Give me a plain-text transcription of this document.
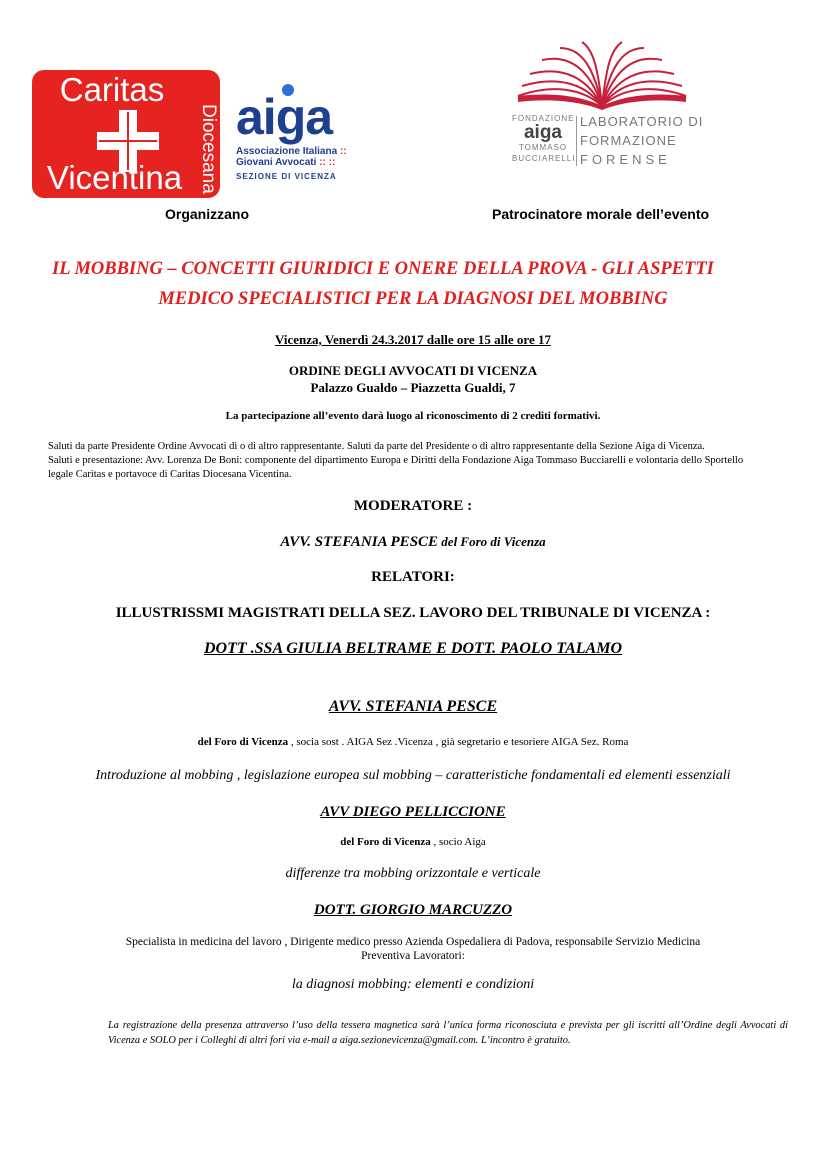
Caritas
Diocesana
Vicentina
aiga
Associazione Italiana ::
Giovani Avvocati :: ::
SEZIONE DI VICENZA
FONDAZIONE
aiga
TOMMASO
BUCCIARELLI
LABORATORIO DI
FORMAZIONE
FORENSE
Organizzano	Patrocinatore morale dell’evento
IL MOBBING – CONCETTI GIURIDICI E ONERE DELLA PROVA - GLI ASPETTI
MEDICO SPECIALISTICI PER LA DIAGNOSI DEL MOBBING
Vicenza, Venerdì 24.3.2017 dalle ore 15 alle ore 17
ORDINE DEGLI AVVOCATI DI VICENZA
Palazzo Gualdo – Piazzetta Gualdi, 7
La partecipazione all’evento darà luogo al riconoscimento di 2 crediti formativi.
Saluti da parte Presidente Ordine Avvocati di o di altro rappresentante. Saluti da parte del Presidente o di altro rappresentante della Sezione Aiga di Vicenza.
Saluti e presentazione: Avv. Lorenza De Boni: componente del dipartimento Europa e Diritti della Fondazione Aiga Tommaso Bucciarelli e volontaria dello Sportello
legale Caritas e portavoce di Caritas Diocesana Vicentina.
MODERATORE :
AVV. STEFANIA PESCE del Foro di Vicenza
RELATORI:
ILLUSTRISSMI MAGISTRATI DELLA SEZ. LAVORO DEL TRIBUNALE DI VICENZA :
DOTT .SSA GIULIA BELTRAME E DOTT. PAOLO TALAMO
AVV. STEFANIA PESCE
del Foro di Vicenza , socia sost . AIGA Sez .Vicenza , già segretario e tesoriere AIGA Sez. Roma
Introduzione al mobbing , legislazione europea sul mobbing – caratteristiche fondamentali ed elementi essenziali
AVV DIEGO PELLICCIONE
del Foro di Vicenza , socio Aiga
differenze tra mobbing orizzontale e verticale
DOTT. GIORGIO MARCUZZO
Specialista in medicina del lavoro , Dirigente medico presso Azienda Ospedaliera di Padova, responsabile Servizio Medicina
Preventiva Lavoratori:
la diagnosi mobbing: elementi e condizioni
La registrazione della presenza attraverso l’uso della tessera magnetica sarà l’unica forma riconosciuta e prevista per gli iscritti all’Ordine degli Avvocati di Vicenza e SOLO per i Colleghi di altri fori via e-mail a aiga.sezionevicenza@gmail.com. L’incontro è gratuito.
